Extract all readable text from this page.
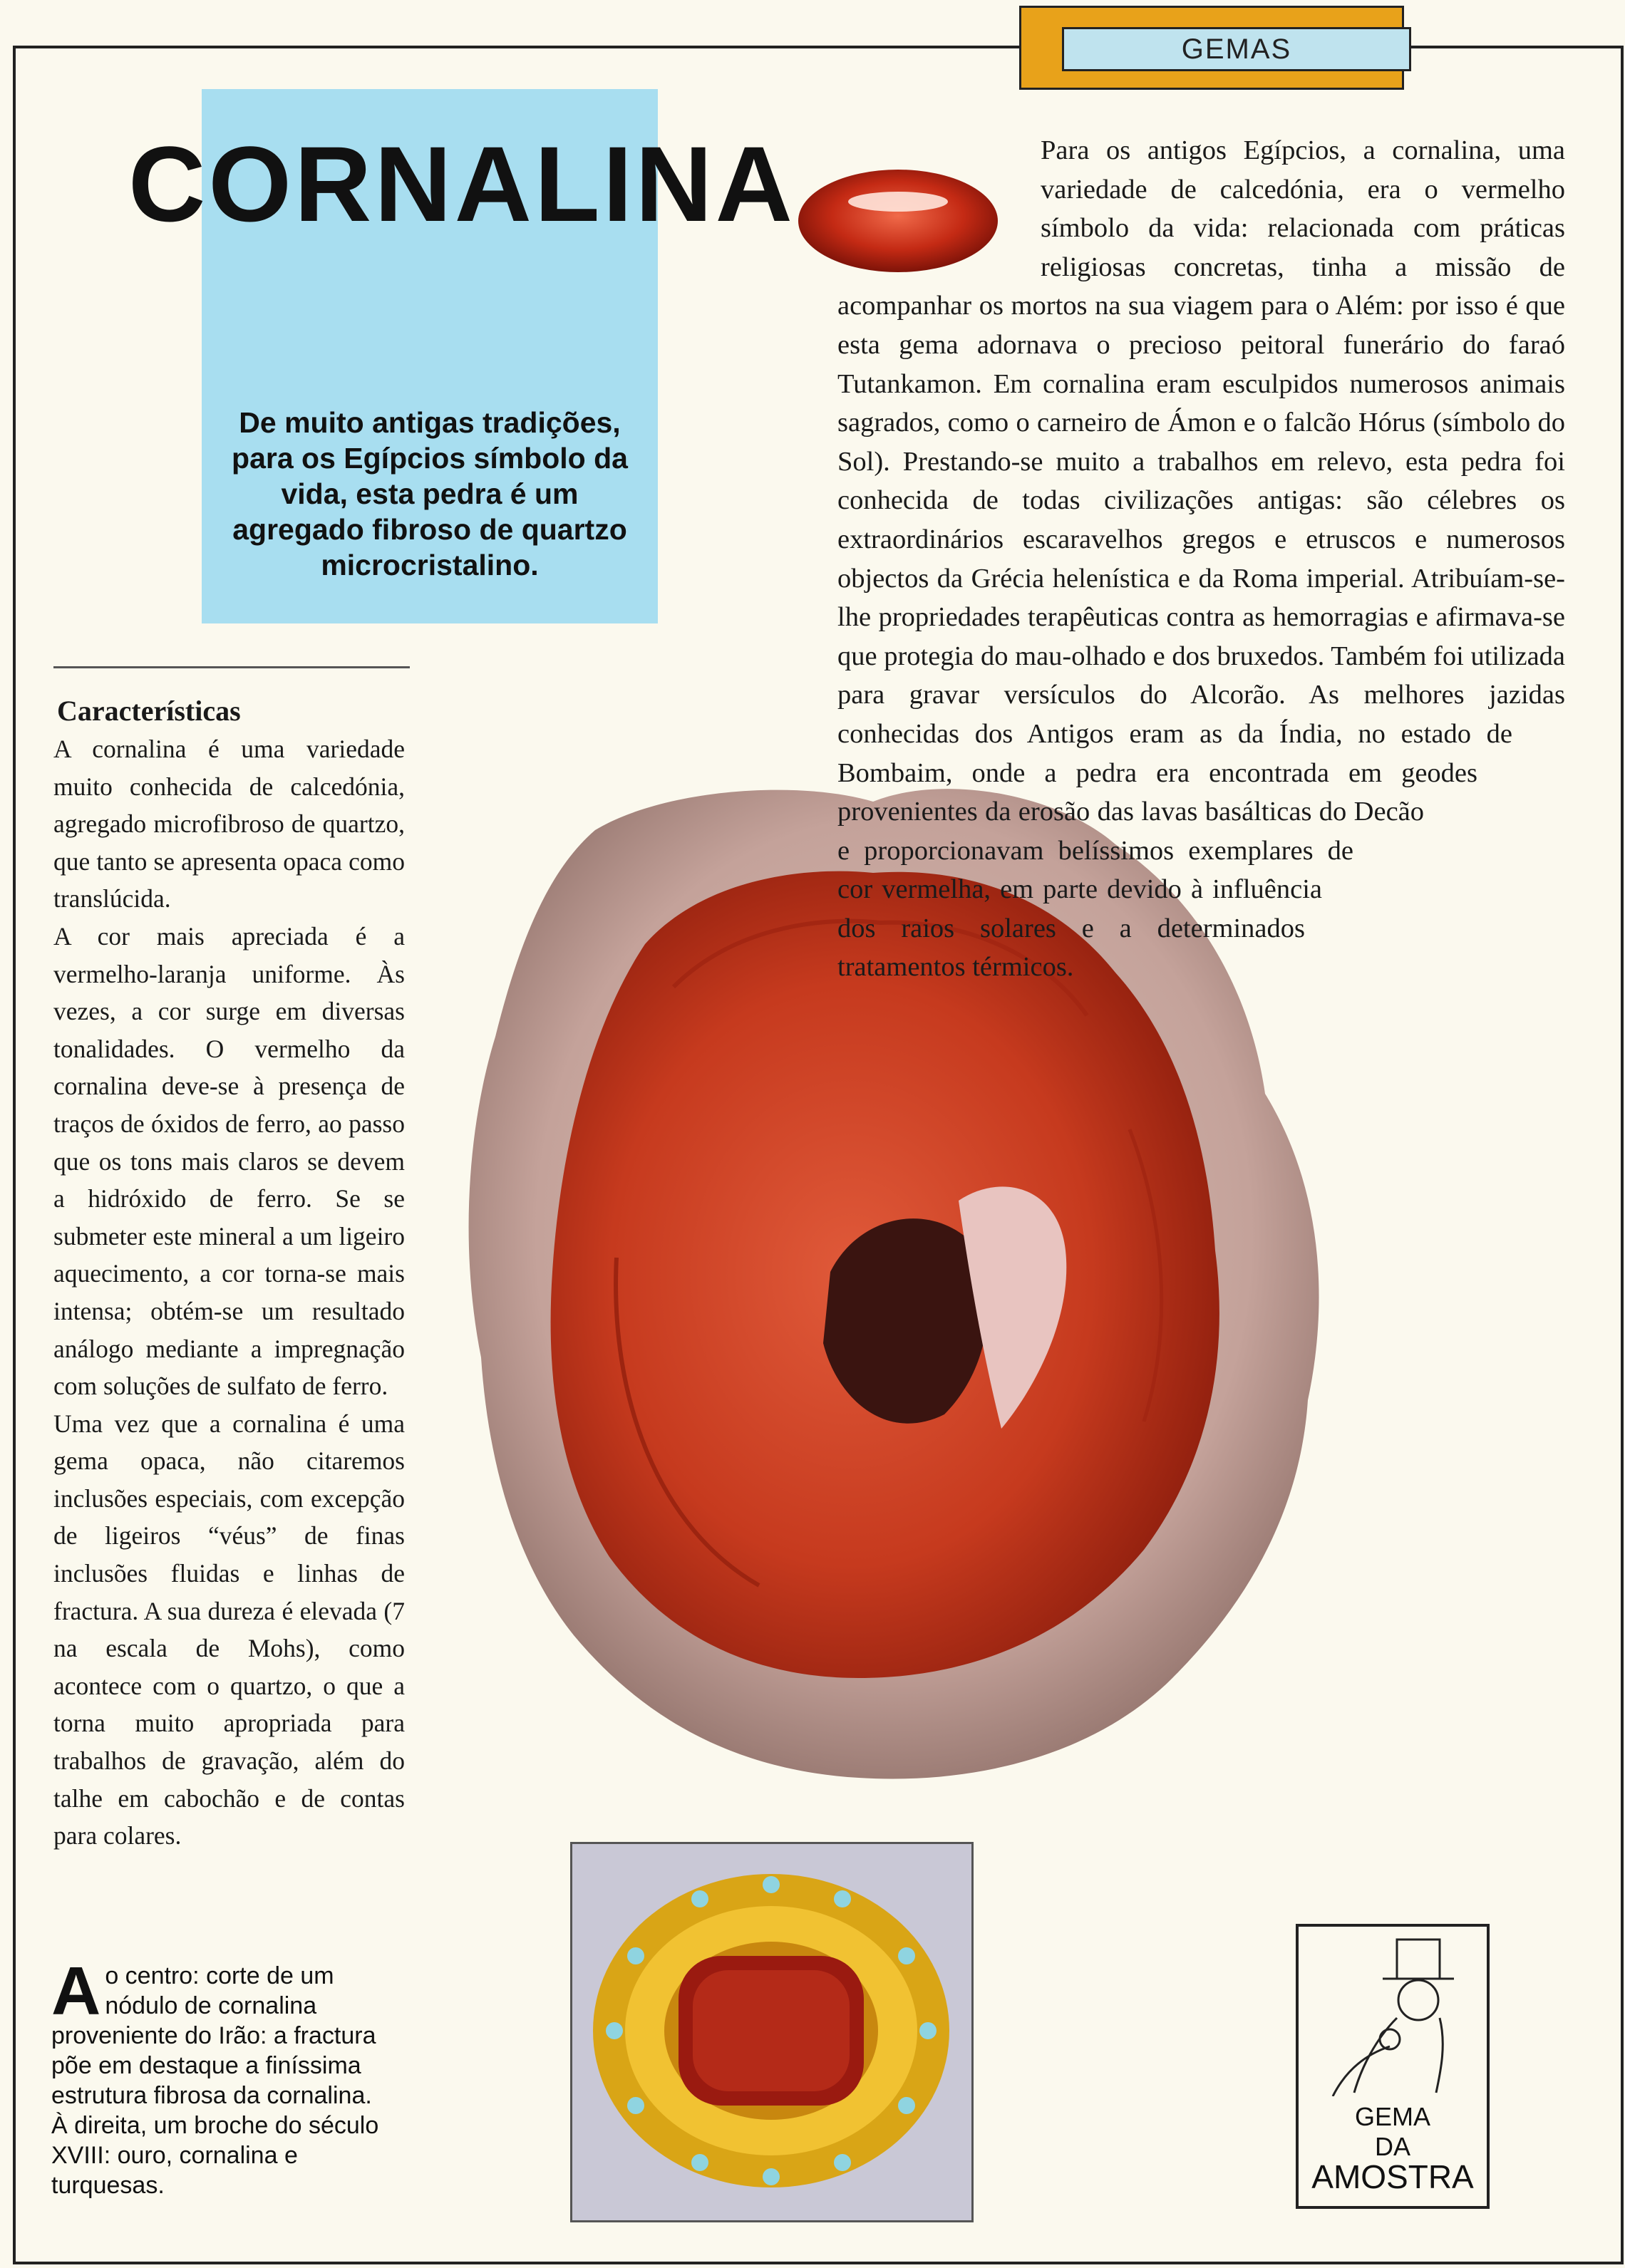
GEMAS
CORNALINA
De muito antigas tradições, para os Egípcios símbolo da vida, esta pedra é um agregado fibroso de quartzo microcristalino.
Características

A cornalina é uma variedade muito conhecida de calcedónia, agregado microfibroso de quartzo, que tanto se apresenta opaca como translúcida.

A cor mais apreciada é a vermelho-laranja uniforme. Às vezes, a cor surge em diversas tonalidades. O vermelho da cornalina deve-se à presença de traços de óxidos de ferro, ao passo que os tons mais claros se devem a hidróxido de ferro. Se se submeter este mineral a um ligeiro aquecimento, a cor torna-se mais intensa; obtém-se um resultado análogo mediante a impregnação com soluções de sulfato de ferro.

Uma vez que a cornalina é uma gema opaca, não citaremos inclusões especiais, com excepção de ligeiros “véus” de finas inclusões fluidas e linhas de fractura. A sua dureza é elevada (7 na escala de Mohs), como acontece com o quartzo, o que a torna muito apropriada para trabalhos de gravação, além do talhe em cabochão e de contas para colares.

A o centro: corte de um nódulo de cornalina proveniente do Irão: a fractura põe em destaque a finíssima estrutura fibrosa da cornalina. À direita, um broche do século XVIII: ouro, cornalina e turquesas.
Para os antigos Egípcios, a cornalina, uma variedade de calcedónia, era o vermelho símbolo da vida: relacionada com práticas religiosas concretas, tinha a missão de acompanhar os mortos na sua viagem para o Além: por isso é que esta gema adornava o precioso peitoral funerário do faraó Tutankamon. Em cornalina eram esculpidos numerosos animais sagrados, como o carneiro de Ámon e o falcão Hórus (símbolo do Sol). Prestando-se muito a trabalhos em relevo, esta pedra foi conhecida de todas civilizações antigas: são célebres os extraordinários escaravelhos gregos e etruscos e numerosos objectos da Grécia helenística e da Roma imperial. Atribuíam-se-lhe propriedades terapêuticas contra as hemorragias e afirmava-se que protegia do mau-olhado e dos bruxedos. Também foi utilizada para gravar versículos do Alcorão. As melhores jazidas conhecidas dos Antigos eram as da Índia, no estado de Bombaim, onde a pedra era encontrada em geodes provenientes da erosão das lavas basálticas do Decão e proporcionavam belíssimos exemplares de cor vermelha, em parte devido à influência dos raios solares e a determinados tratamentos térmicos.
GEMA
DA
AMOSTRA
